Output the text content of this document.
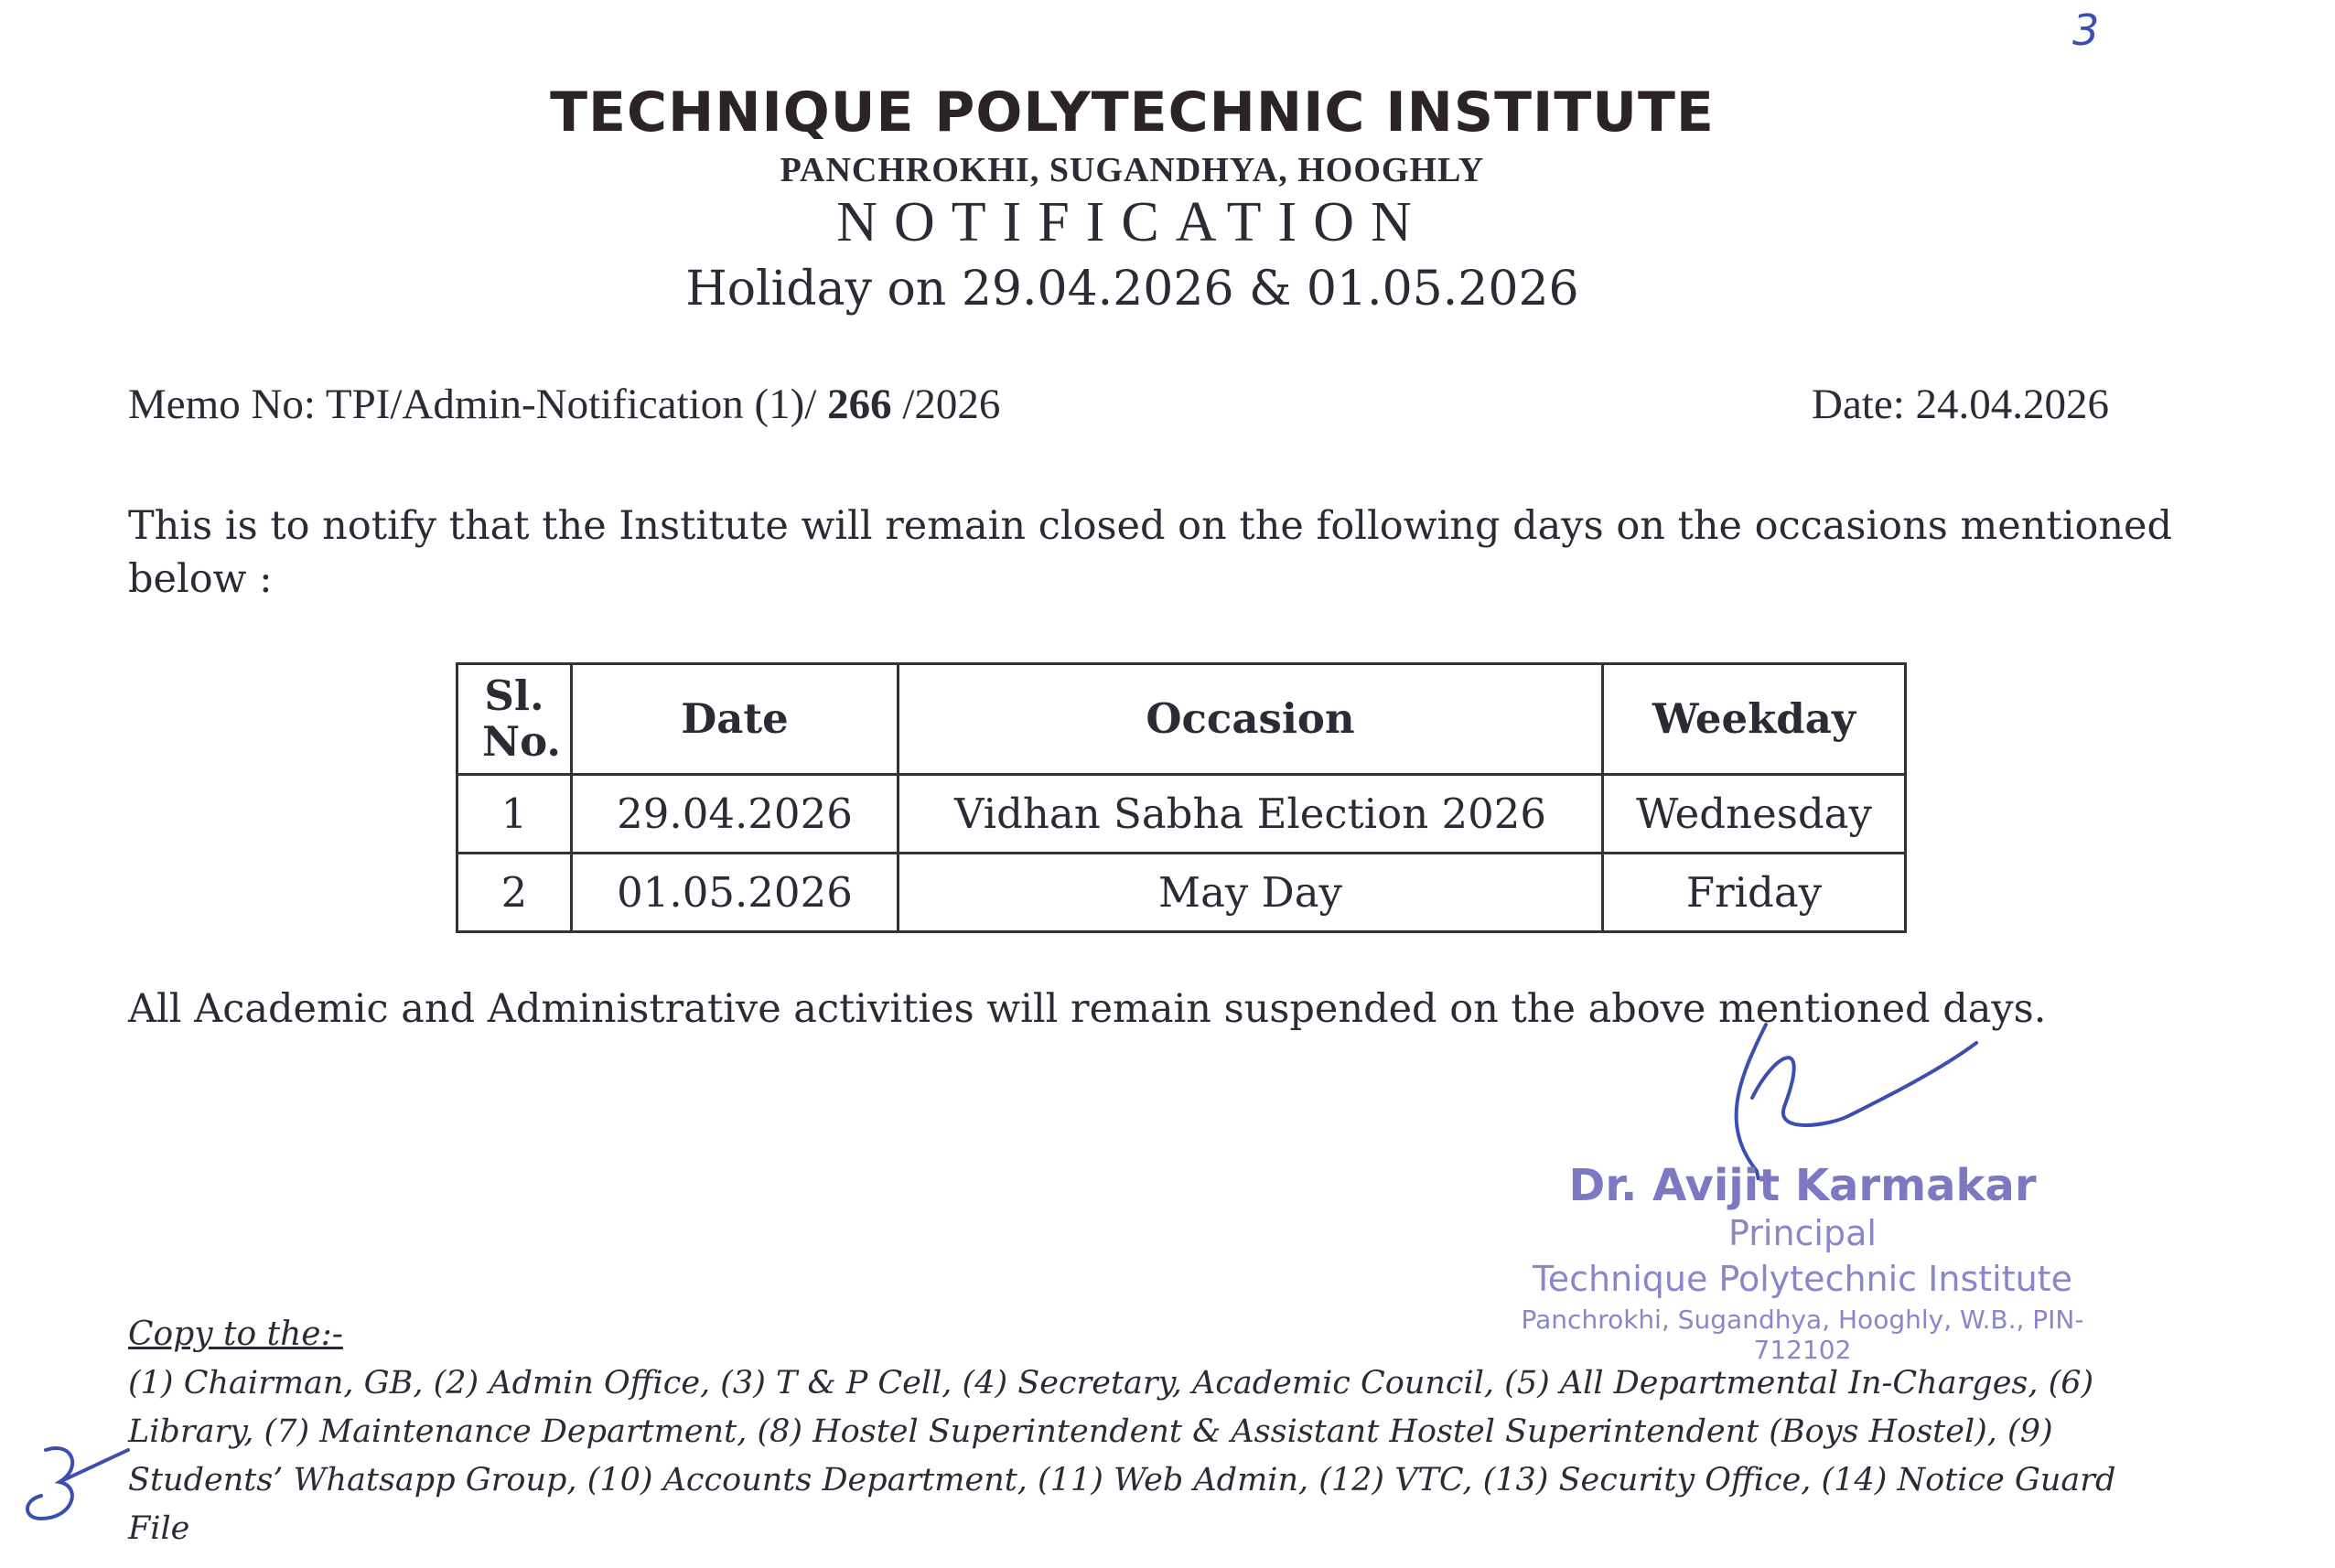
3
TECHNIQUE POLYTECHNIC INSTITUTE
PANCHROKHI, SUGANDHYA, HOOGHLY
NOTIFICATION
Holiday on 29.04.2026 & 01.05.2026
Memo No: TPI/Admin-Notification (1)/ 266 /2026	Date: 24.04.2026
This is to notify that the Institute will remain closed on the following days on the occasions mentioned below :
Sl. No.	Date	Occasion	Weekday
1	29.04.2026	Vidhan Sabha Election 2026	Wednesday
2	01.05.2026	May Day	Friday
All Academic and Administrative activities will remain suspended on the above mentioned days.
Dr. Avijit Karmakar
Principal
Technique Polytechnic Institute
Panchrokhi, Sugandhya, Hooghly, W.B., PIN-712102
Copy to the:-
(1) Chairman, GB, (2) Admin Office, (3) T & P Cell, (4) Secretary, Academic Council, (5) All Departmental In-Charges, (6) Library, (7) Maintenance Department, (8) Hostel Superintendent & Assistant Hostel Superintendent (Boys Hostel), (9) Students’ Whatsapp Group, (10) Accounts Department, (11) Web Admin, (12) VTC, (13) Security Office, (14) Notice Guard File
